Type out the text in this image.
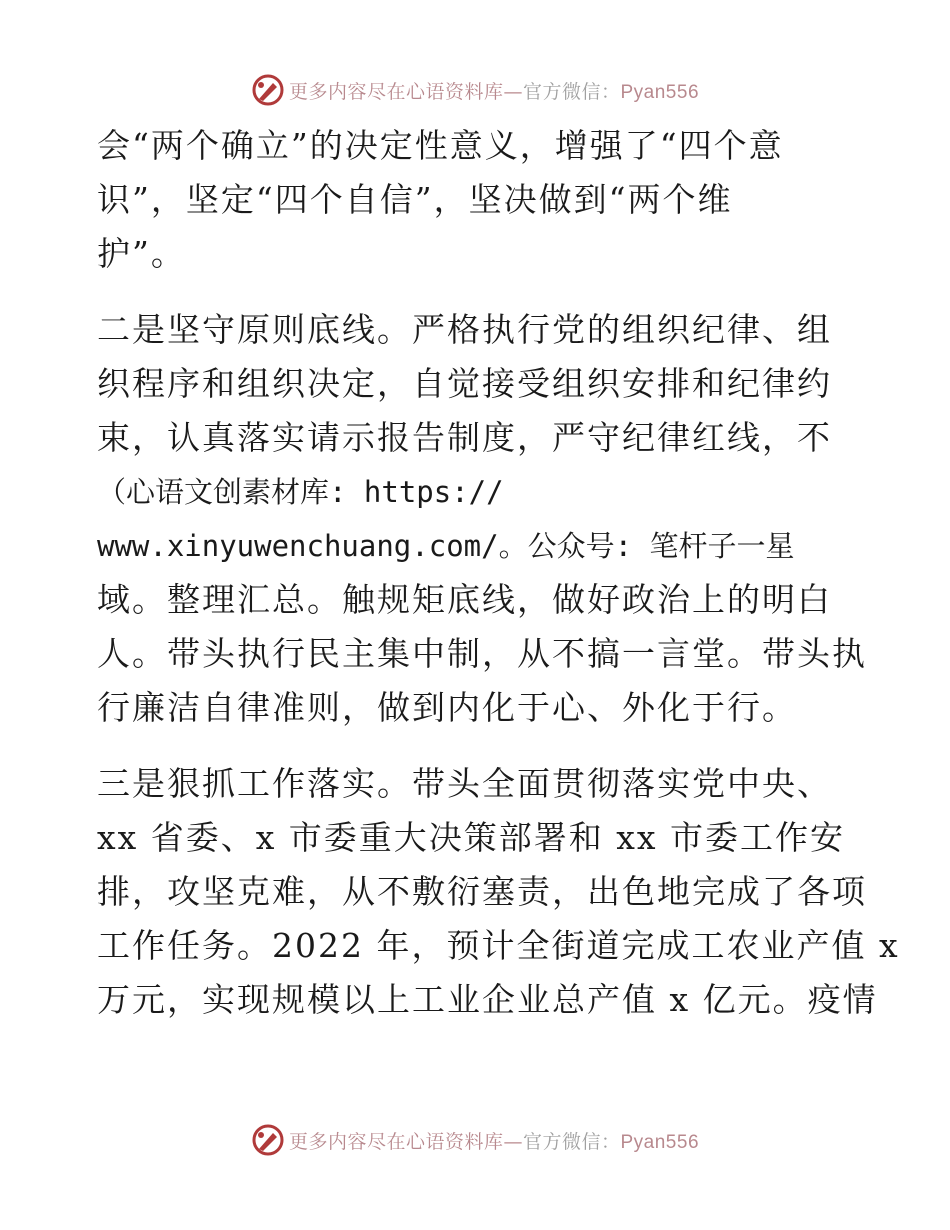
更多内容尽在心语资料库—官方微信：Pyan556
会“两个确立”的决定性意义，增强了“四个意
识”，坚定“四个自信”，坚决做到“两个维
护”。
二是坚守原则底线。严格执行党的组织纪律、组
织程序和组织决定，自觉接受组织安排和纪律约
束，认真落实请示报告制度，严守纪律红线，不
（心语文创素材库: https://
www.xinyuwenchuang.com/。公众号: 笔杆子一星
域。整理汇总。触规矩底线，做好政治上的明白
人。带头执行民主集中制，从不搞一言堂。带头执
行廉洁自律准则，做到内化于心、外化于行。
三是狠抓工作落实。带头全面贯彻落实党中央、
xx 省委、x 市委重大决策部署和 xx 市委工作安
排，攻坚克难，从不敷衍塞责，出色地完成了各项
工作任务。2022 年，预计全街道完成工农业产值 x
万元，实现规模以上工业企业总产值 x 亿元。疫情
更多内容尽在心语资料库—官方微信：Pyan556
